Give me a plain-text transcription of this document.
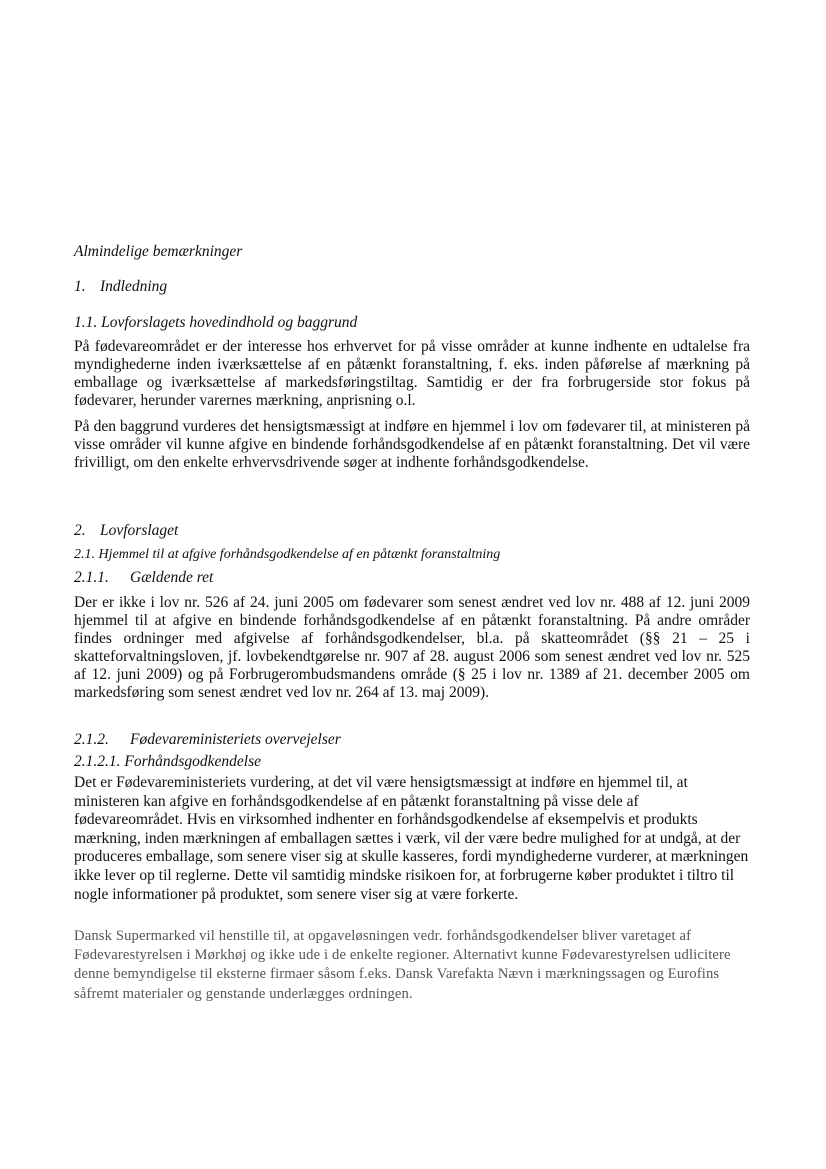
Almindelige bemærkninger

1. Indledning

1.1. Lovforslagets hovedindhold og baggrund

På fødevareområdet er der interesse hos erhvervet for på visse områder at kunne indhente en udtalelse fra myndighederne inden iværksættelse af en påtænkt foranstaltning, f. eks. inden påførelse af mærkning på emballage og iværksættelse af markedsføringstiltag. Samtidig er der fra forbrugerside stor fokus på fødevarer, herunder varernes mærkning, anprisning o.l.

På den baggrund vurderes det hensigtsmæssigt at indføre en hjemmel i lov om fødevarer til, at ministeren på visse områder vil kunne afgive en bindende forhåndsgodkendelse af en påtænkt foranstaltning. Det vil være frivilligt, om den enkelte erhvervsdrivende søger at indhente forhåndsgodkendelse.

2. Lovforslaget

2.1. Hjemmel til at afgive forhåndsgodkendelse af en påtænkt foranstaltning

2.1.1. Gældende ret

Der er ikke i lov nr. 526 af 24. juni 2005 om fødevarer som senest ændret ved lov nr. 488 af 12. juni 2009 hjemmel til at afgive en bindende forhåndsgodkendelse af en påtænkt foranstaltning. På andre områder findes ordninger med afgivelse af forhåndsgodkendelser, bl.a. på skatteområdet (§§ 21 – 25 i skatteforvaltningsloven, jf. lovbekendtgørelse nr. 907 af 28. august 2006 som senest ændret ved lov nr. 525 af 12. juni 2009) og på Forbrugerombudsmandens område (§ 25 i lov nr. 1389 af 21. december 2005 om markedsføring som senest ændret ved lov nr. 264 af 13. maj 2009).

2.1.2. Fødevareministeriets overvejelser

2.1.2.1. Forhåndsgodkendelse

Det er Fødevareministeriets vurdering, at det vil være hensigtsmæssigt at indføre en hjemmel til, at ministeren kan afgive en forhåndsgodkendelse af en påtænkt foranstaltning på visse dele af fødevareområdet. Hvis en virksomhed indhenter en forhåndsgodkendelse af eksempelvis et produkts mærkning, inden mærkningen af emballagen sættes i værk, vil der være bedre mulighed for at undgå, at der produceres emballage, som senere viser sig at skulle kasseres, fordi myndighederne vurderer, at mærkningen ikke lever op til reglerne. Dette vil samtidig mindske risikoen for, at forbrugerne køber produktet i tiltro til nogle informationer på produktet, som senere viser sig at være forkerte.

Dansk Supermarked vil henstille til, at opgaveløsningen vedr. forhåndsgodkendelser bliver varetaget af Fødevarestyrelsen i Mørkhøj og ikke ude i de enkelte regioner. Alternativt kunne Fødevarestyrelsen udlicitere denne bemyndigelse til eksterne firmaer såsom f.eks. Dansk Varefakta Nævn i mærkningssagen og Eurofins såfremt materialer og genstande underlægges ordningen.
